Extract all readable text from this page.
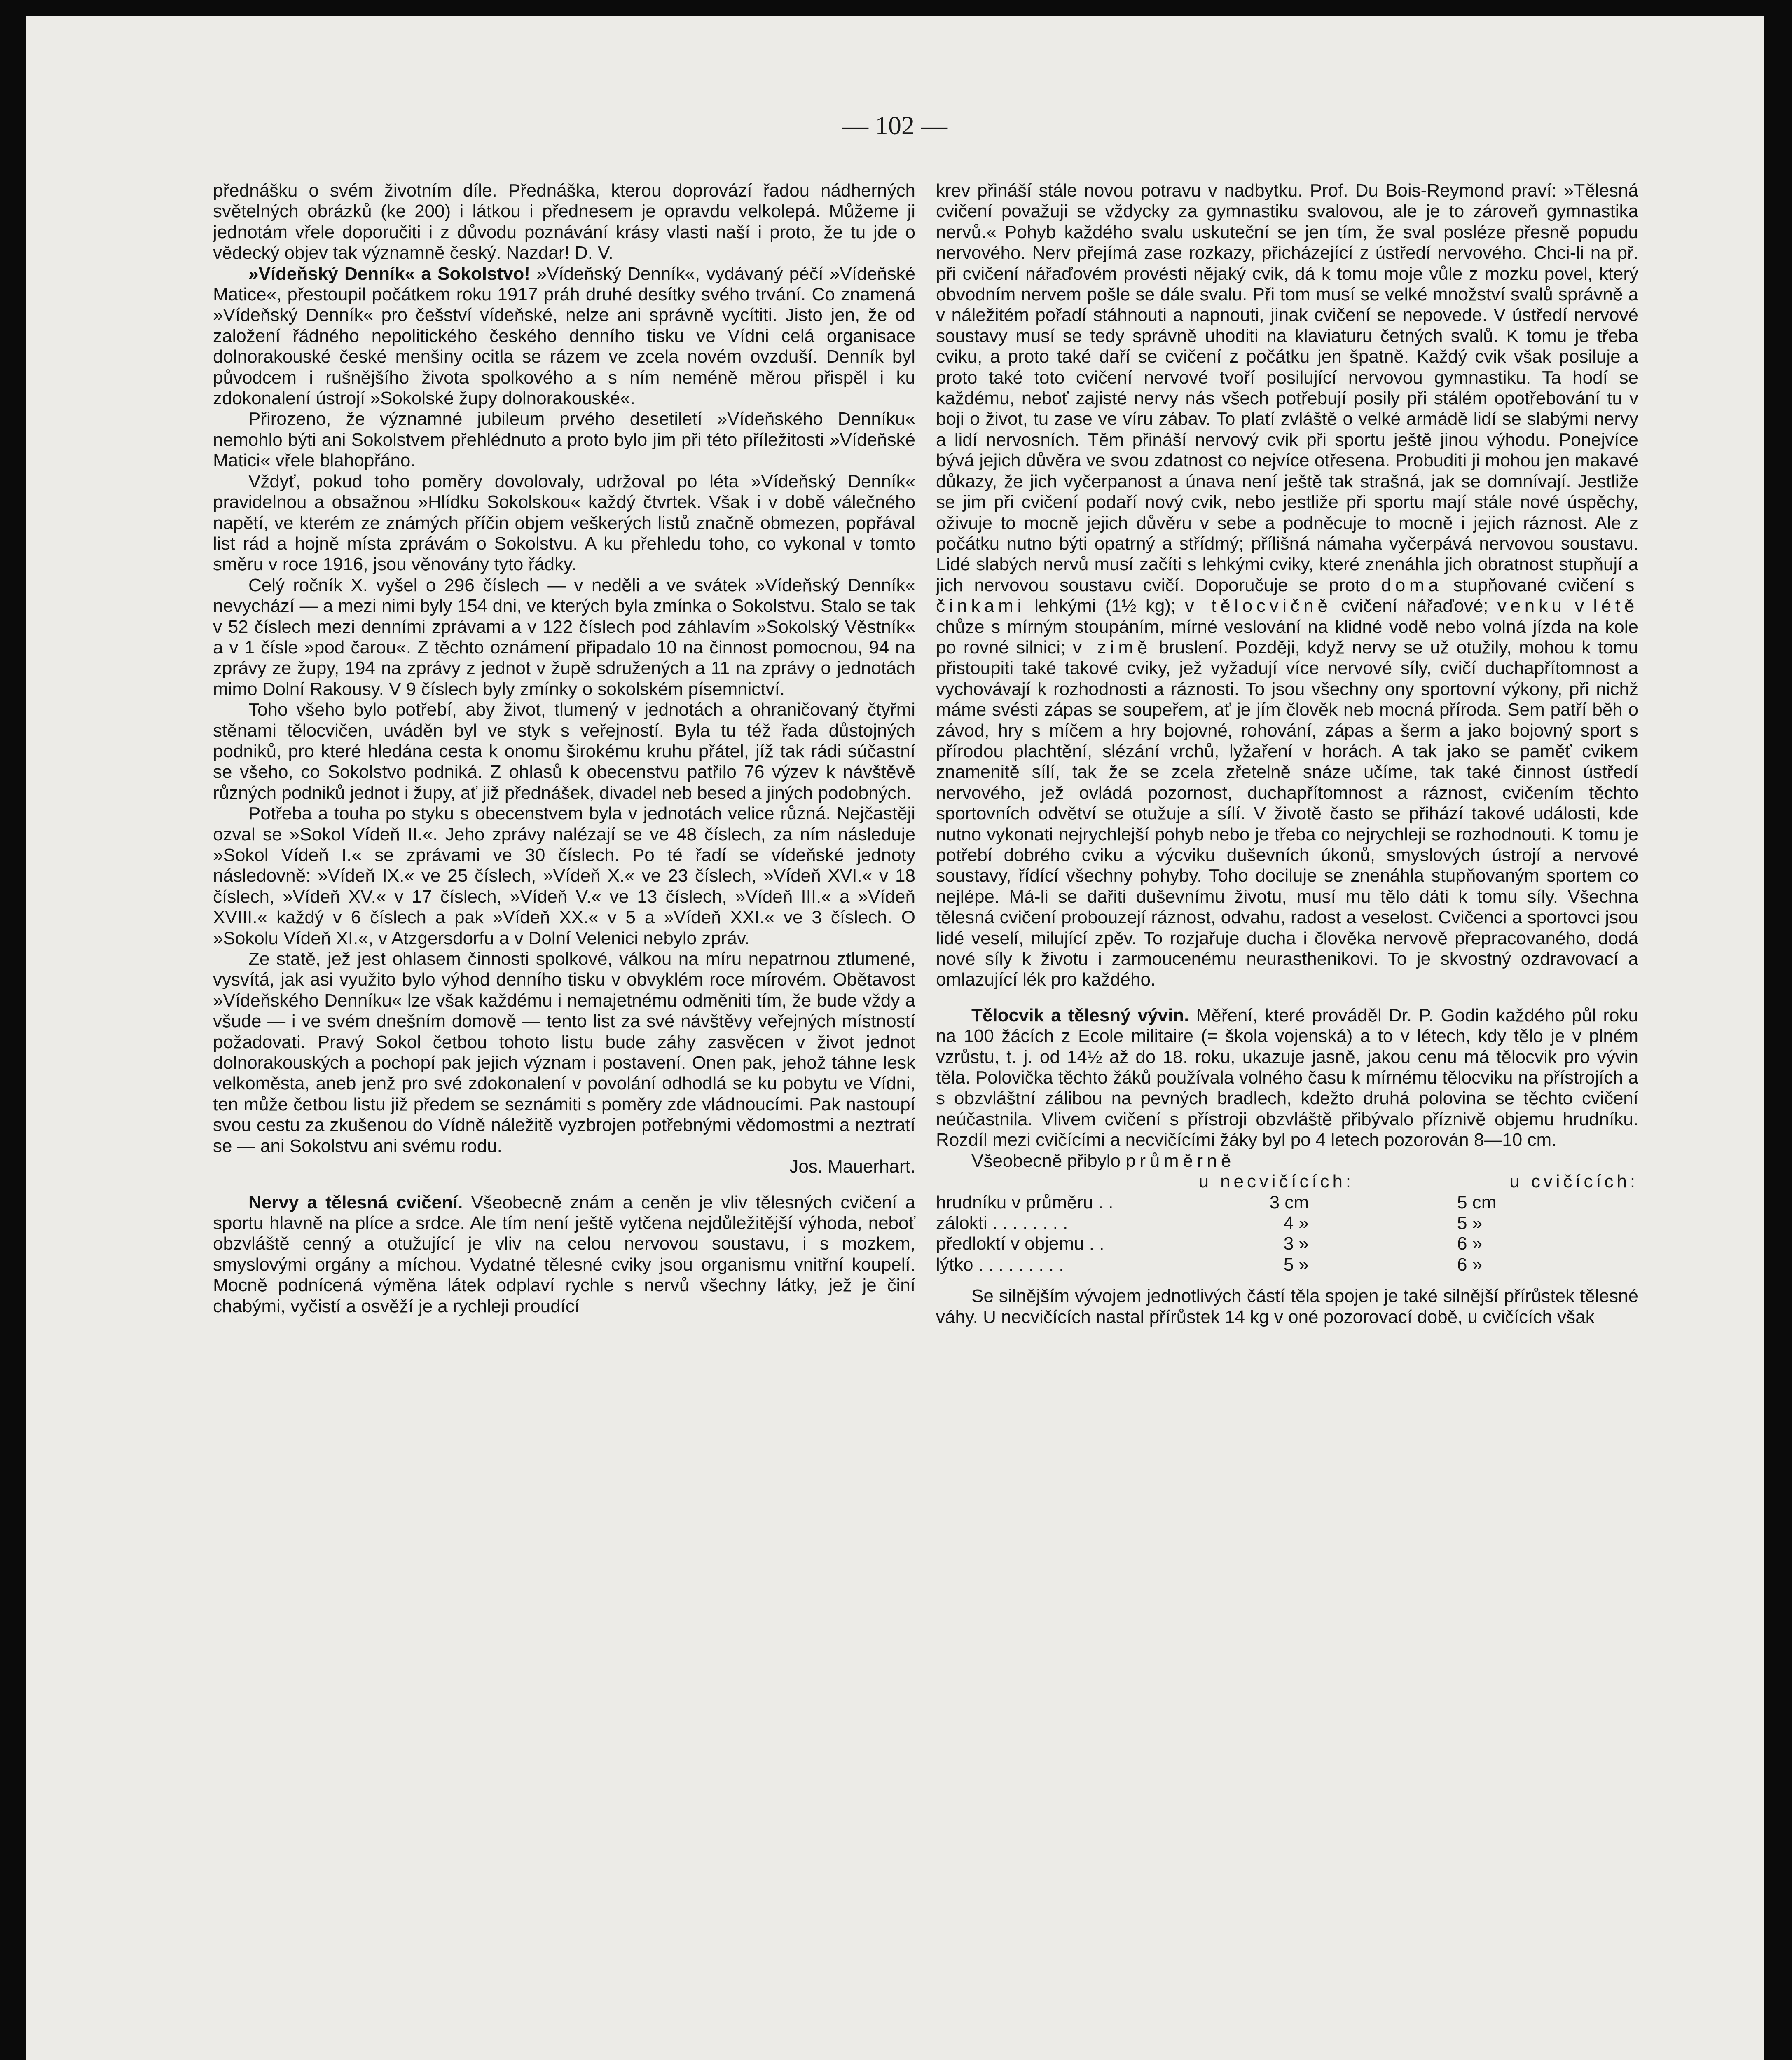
— 102 —

přednášku o svém životním díle. Přednáška, kterou doprovází řadou nádherných světelných obrázků (ke 200) i látkou i přednesem je opravdu velkolepá. Můžeme ji jednotám vřele doporučiti i z důvodu poznávání krásy vlasti naší i proto, že tu jde o vědecký objev tak významně český. Nazdar! D. V.

»Vídeňský Denník« a Sokolstvo! »Vídeňský Denník«, vydávaný péčí »Vídeňské Matice«, přestoupil počátkem roku 1917 práh druhé desítky svého trvání. Co znamená »Vídeňský Denník« pro češství vídeňské, nelze ani správně vycítiti. Jisto jen, že od založení řádného nepolitického českého denního tisku ve Vídni celá organisace dolnorakouské české menšiny ocitla se rázem ve zcela novém ovzduší. Denník byl původcem i rušnějšího života spolkového a s ním neméně měrou přispěl i ku zdokonalení ústrojí »Sokolské župy dolnorakouské«.

Přirozeno, že významné jubileum prvého desetiletí »Vídeňského Denníku« nemohlo býti ani Sokolstvem přehlédnuto a proto bylo jim při této příležitosti »Vídeňské Matici« vřele blahopřáno.

Vždyť, pokud toho poměry dovolovaly, udržoval po léta »Vídeňský Denník« pravidelnou a obsažnou »Hlídku Sokolskou« každý čtvrtek. Však i v době válečného napětí, ve kterém ze známých příčin objem veškerých listů značně obmezen, popřával list rád a hojně místa zprávám o Sokolstvu. A ku přehledu toho, co vykonal v tomto směru v roce 1916, jsou věnovány tyto řádky.

Celý ročník X. vyšel o 296 číslech — v neděli a ve svátek »Vídeňský Denník« nevychází — a mezi nimi byly 154 dni, ve kterých byla zmínka o Sokolstvu. Stalo se tak v 52 číslech mezi denními zprávami a v 122 číslech pod záhlavím »Sokolský Věstník« a v 1 čísle »pod čarou«. Z těchto oznámení připadalo 10 na činnost pomocnou, 94 na zprávy ze župy, 194 na zprávy z jednot v župě sdružených a 11 na zprávy o jednotách mimo Dolní Rakousy. V 9 číslech byly zmínky o sokolském písemnictví.

Toho všeho bylo potřebí, aby život, tlumený v jednotách a ohraničovaný čtyřmi stěnami tělocvičen, uváděn byl ve styk s veřejností. Byla tu též řada důstojných podniků, pro které hledána cesta k onomu širokému kruhu přátel, jíž tak rádi súčastní se všeho, co Sokolstvo podniká. Z ohlasů k obecenstvu patřilo 76 výzev k návštěvě různých podniků jednot i župy, ať již přednášek, divadel neb besed a jiných podobných.

Potřeba a touha po styku s obecenstvem byla v jednotách velice různá. Nejčastěji ozval se »Sokol Vídeň II.«. Jeho zprávy nalézají se ve 48 číslech, za ním následuje »Sokol Vídeň I.« se zprávami ve 30 číslech. Po té řadí se vídeňské jednoty následovně: »Vídeň IX.« ve 25 číslech, »Vídeň X.« ve 23 číslech, »Vídeň XVI.« v 18 číslech, »Vídeň XV.« v 17 číslech, »Vídeň V.« ve 13 číslech, »Vídeň III.« a »Vídeň XVIII.« každý v 6 číslech a pak »Vídeň XX.« v 5 a »Vídeň XXI.« ve 3 číslech. O »Sokolu Vídeň XI.«, v Atzgersdorfu a v Dolní Velenici nebylo zpráv.

Ze statě, jež jest ohlasem činnosti spolkové, válkou na míru nepatrnou ztlumené, vysvítá, jak asi využito bylo výhod denního tisku v obvyklém roce mírovém. Obětavost »Vídeňského Denníku« lze však každému i nemajetnému odměniti tím, že bude vždy a všude — i ve svém dnešním domově — tento list za své návštěvy veřejných místností požadovati. Pravý Sokol četbou tohoto listu bude záhy zasvěcen v život jednot dolnorakouských a pochopí pak jejich význam i postavení. Onen pak, jehož táhne lesk velkoměsta, aneb jenž pro své zdokonalení v povolání odhodlá se ku pobytu ve Vídni, ten může četbou listu již předem se seznámiti s poměry zde vládnoucími. Pak nastoupí svou cestu za zkušenou do Vídně náležitě vyzbrojen potřebnými vědomostmi a neztratí se — ani Sokolstvu ani svému rodu.

Jos. Mauerhart.

Nervy a tělesná cvičení. Všeobecně znám a ceněn je vliv tělesných cvičení a sportu hlavně na plíce a srdce. Ale tím není ještě vytčena nejdůležitější výhoda, neboť obzvláště cenný a otužující je vliv na celou nervovou soustavu, i s mozkem, smyslovými orgány a míchou. Vydatné tělesné cviky jsou organismu vnitřní koupelí. Mocně podnícená výměna látek odplaví rychle s nervů všechny látky, jež je činí chabými, vyčistí a osvěží je a rychleji proudící

krev přináší stále novou potravu v nadbytku. Prof. Du Bois-Reymond praví: »Tělesná cvičení považuji se vždycky za gymnastiku svalovou, ale je to zároveň gymnastika nervů.« Pohyb každého svalu uskuteční se jen tím, že sval posléze přesně popudu nervového. Nerv přejímá zase rozkazy, přicházející z ústředí nervového. Chci-li na př. při cvičení nářaďovém provésti nějaký cvik, dá k tomu moje vůle z mozku povel, který obvodním nervem pošle se dále svalu. Při tom musí se velké množství svalů správně a v náležitém pořadí stáhnouti a napnouti, jinak cvičení se nepovede. V ústředí nervové soustavy musí se tedy správně uhoditi na klaviaturu četných svalů. K tomu je třeba cviku, a proto také daří se cvičení z počátku jen špatně. Každý cvik však posiluje a proto také toto cvičení nervové tvoří posilující nervovou gymnastiku. Ta hodí se každému, neboť zajisté nervy nás všech potřebují posily při stálém opotřebování tu v boji o život, tu zase ve víru zábav. To platí zvláště o velké armádě lidí se slabými nervy a lidí nervosních. Těm přináší nervový cvik při sportu ještě jinou výhodu. Ponejvíce bývá jejich důvěra ve svou zdatnost co nejvíce otřesena. Probuditi ji mohou jen makavé důkazy, že jich vyčerpanost a únava není ještě tak strašná, jak se domnívají. Jestliže se jim při cvičení podaří nový cvik, nebo jestliže při sportu mají stále nové úspěchy, oživuje to mocně jejich důvěru v sebe a podněcuje to mocně i jejich ráznost. Ale z počátku nutno býti opatrný a střídmý; přílišná námaha vyčerpává nervovou soustavu. Lidé slabých nervů musí začíti s lehkými cviky, které znenáhla jich obratnost stupňují a jich nervovou soustavu cvičí. Doporučuje se proto doma stupňované cvičení s činkami lehkými (1½ kg); v tělocvičně cvičení nářaďové; venku v létě chůze s mírným stoupáním, mírné veslování na klidné vodě nebo volná jízda na kole po rovné silnici; v zimě bruslení. Později, když nervy se už otužily, mohou k tomu přistoupiti také takové cviky, jež vyžadují více nervové síly, cvičí duchapřítomnost a vychovávají k rozhodnosti a ráznosti. To jsou všechny ony sportovní výkony, při nichž máme svésti zápas se soupeřem, ať je jím člověk neb mocná příroda. Sem patří běh o závod, hry s míčem a hry bojovné, rohování, zápas a šerm a jako bojovný sport s přírodou plachtění, slézání vrchů, lyžaření v horách. A tak jako se paměť cvikem znamenitě sílí, tak že se zcela zřetelně snáze učíme, tak také činnost ústředí nervového, jež ovládá pozornost, duchapřítomnost a ráznost, cvičením těchto sportovních odvětví se otužuje a sílí. V životě často se přihází takové události, kde nutno vykonati nejrychlejší pohyb nebo je třeba co nejrychleji se rozhodnouti. K tomu je potřebí dobrého cviku a výcviku duševních úkonů, smyslových ústrojí a nervové soustavy, řídící všechny pohyby. Toho dociluje se znenáhla stupňovaným sportem co nejlépe. Má-li se dařiti duševnímu životu, musí mu tělo dáti k tomu síly. Všechna tělesná cvičení probouzejí ráznost, odvahu, radost a veselost. Cvičenci a sportovci jsou lidé veselí, milující zpěv. To rozjařuje ducha i člověka nervově přepracovaného, dodá nové síly k životu i zarmoucenému neurasthenikovi. To je skvostný ozdravovací a omlazující lék pro každého.

Tělocvik a tělesný vývin. Měření, které prováděl Dr. P. Godin každého půl roku na 100 žácích z Ecole militaire (= škola vojenská) a to v létech, kdy tělo je v plném vzrůstu, t. j. od 14½ až do 18. roku, ukazuje jasně, jakou cenu má tělocvik pro vývin těla. Polovička těchto žáků používala volného času k mírnému tělocviku na přístrojích a s obzvláštní zálibou na pevných bradlech, kdežto druhá polovina se těchto cvičení neúčastnila. Vlivem cvičení s přístroji obzvláště přibývalo příznivě objemu hrudníku. Rozdíl mezi cvičícími a necvičícími žáky byl po 4 letech pozorován 8—10 cm.

Všeobecně přibylo průměrně

	u necvičících:	u cvičících:
hrudníku v průměru . .	3 cm	5 cm
zálokti . . . . . . . .	4 »	5 »
předloktí v objemu . .	3 »	6 »
lýtko . . . . . . . . .	5 »	6 »

Se silnějším vývojem jednotlivých částí těla spojen je také silnější přírůstek tělesné váhy. U necvičících nastal přírůstek 14 kg v oné pozorovací době, u cvičících však
